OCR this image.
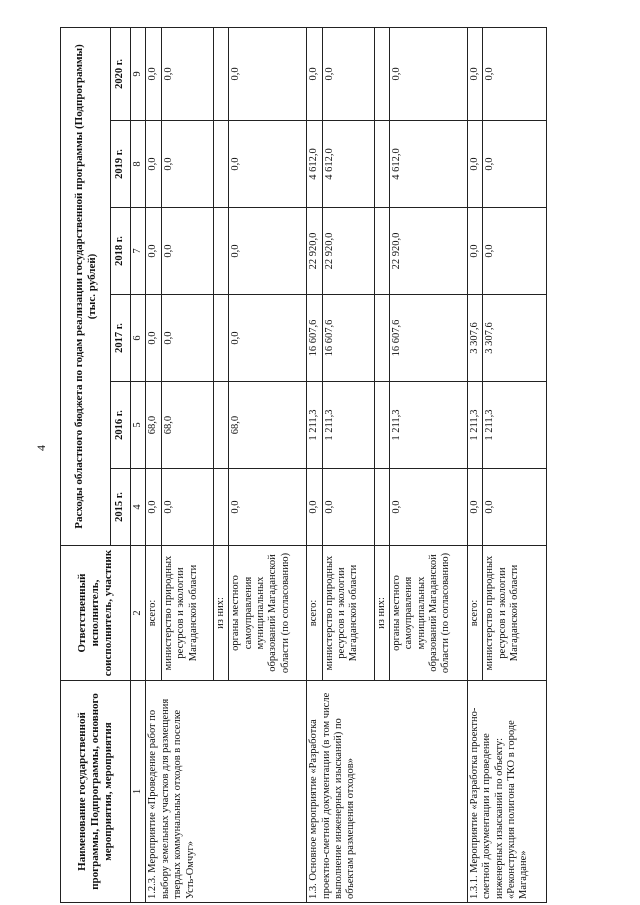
4
Наименование государственной программы, Подпрограммы, основного мероприятия, мероприятия	Ответственный исполнитель, соисполнитель, участник	Расходы областного бюджета по годам реализации государственной программы (Подпрограммы) (тыс. рублей)					
		2015 г.	2016 г.	2017 г.	2018 г.	2019 г.	2020 г.
1	2	4	5	6	7	8	9
1.2.3. Мероприятие «Проведение работ по выбору земельных участков для размещения твердых коммунальных отходов в поселке Усть-Омчуг»	всего:	0,0	68,0	0,0	0,0	0,0	0,0
	министерство природных ресурсов и экологии Магаданской области	0,0	68,0	0,0	0,0	0,0	0,0
	из них:						
	органы местного самоуправления муниципальных образований Магаданской области (по согласованию)	0,0	68,0	0,0	0,0	0,0	0,0
1.3. Основное мероприятие «Разработка проектно-сметной документации (в том числе выполнение инженерных изысканий) по объектам размещения отходов»	всего:	0,0	1 211,3	16 607,6	22 920,0	4 612,0	0,0
	министерство природных ресурсов и экологии Магаданской области	0,0	1 211,3	16 607,6	22 920,0	4 612,0	0,0
	из них:						
	органы местного самоуправления муниципальных образований Магаданской области (по согласованию)	0,0	1 211,3	16 607,6	22 920,0	4 612,0	0,0
1.3.1. Мероприятие «Разработка проектно-сметной документации и проведение инженерных изысканий по объекту: «Реконструкция полигона ТКО в городе Магадане»	всего:	0,0	1 211,3	3 307,6	0,0	0,0	0,0
	министерство природных ресурсов и экологии Магаданской области	0,0	1 211,3	3 307,6	0,0	0,0	0,0
